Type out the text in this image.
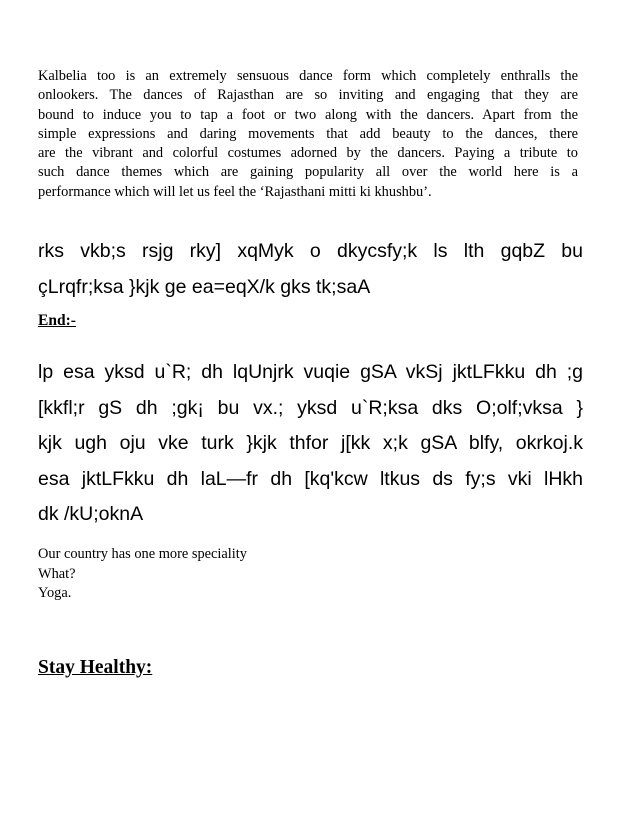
Kalbelia too is an extremely sensuous dance form which completely enthralls the
onlookers. The dances of Rajasthan are so inviting and engaging that they are
bound to induce you to tap a foot or two along with the dancers. Apart from the
simple expressions and daring movements that add beauty to the dances, there
are the vibrant and colorful costumes adorned by the dancers. Paying a tribute to
such dance themes which are gaining popularity all over the world here is a
performance which will let us feel the ‘Rajasthani mitti ki khushbu’.

rks vkb;s rsjg rky] xqMyk o dkycsfy;k ls lth gqbZ bu
çLrqfr;ksa }kjk ge ea=eqX/k gks tk;saA

End:-

lp esa yksd u`R; dh lqUnjrk vuqie gSA vkSj jktLFkku dh ;g
[kkfl;r gS dh ;gk¡ bu vx.; yksd u`R;ksa dks O;olf;vksa }
kjk ugh oju vke turk }kjk thfor j[kk x;k gSA blfy, okrkoj.k
esa jktLFkku dh laL—fr dh [kq'kcw ltkus ds fy;s vki lHkh
dk /kU;oknA

Our country has one more speciality
What?
Yoga.

Stay Healthy:
